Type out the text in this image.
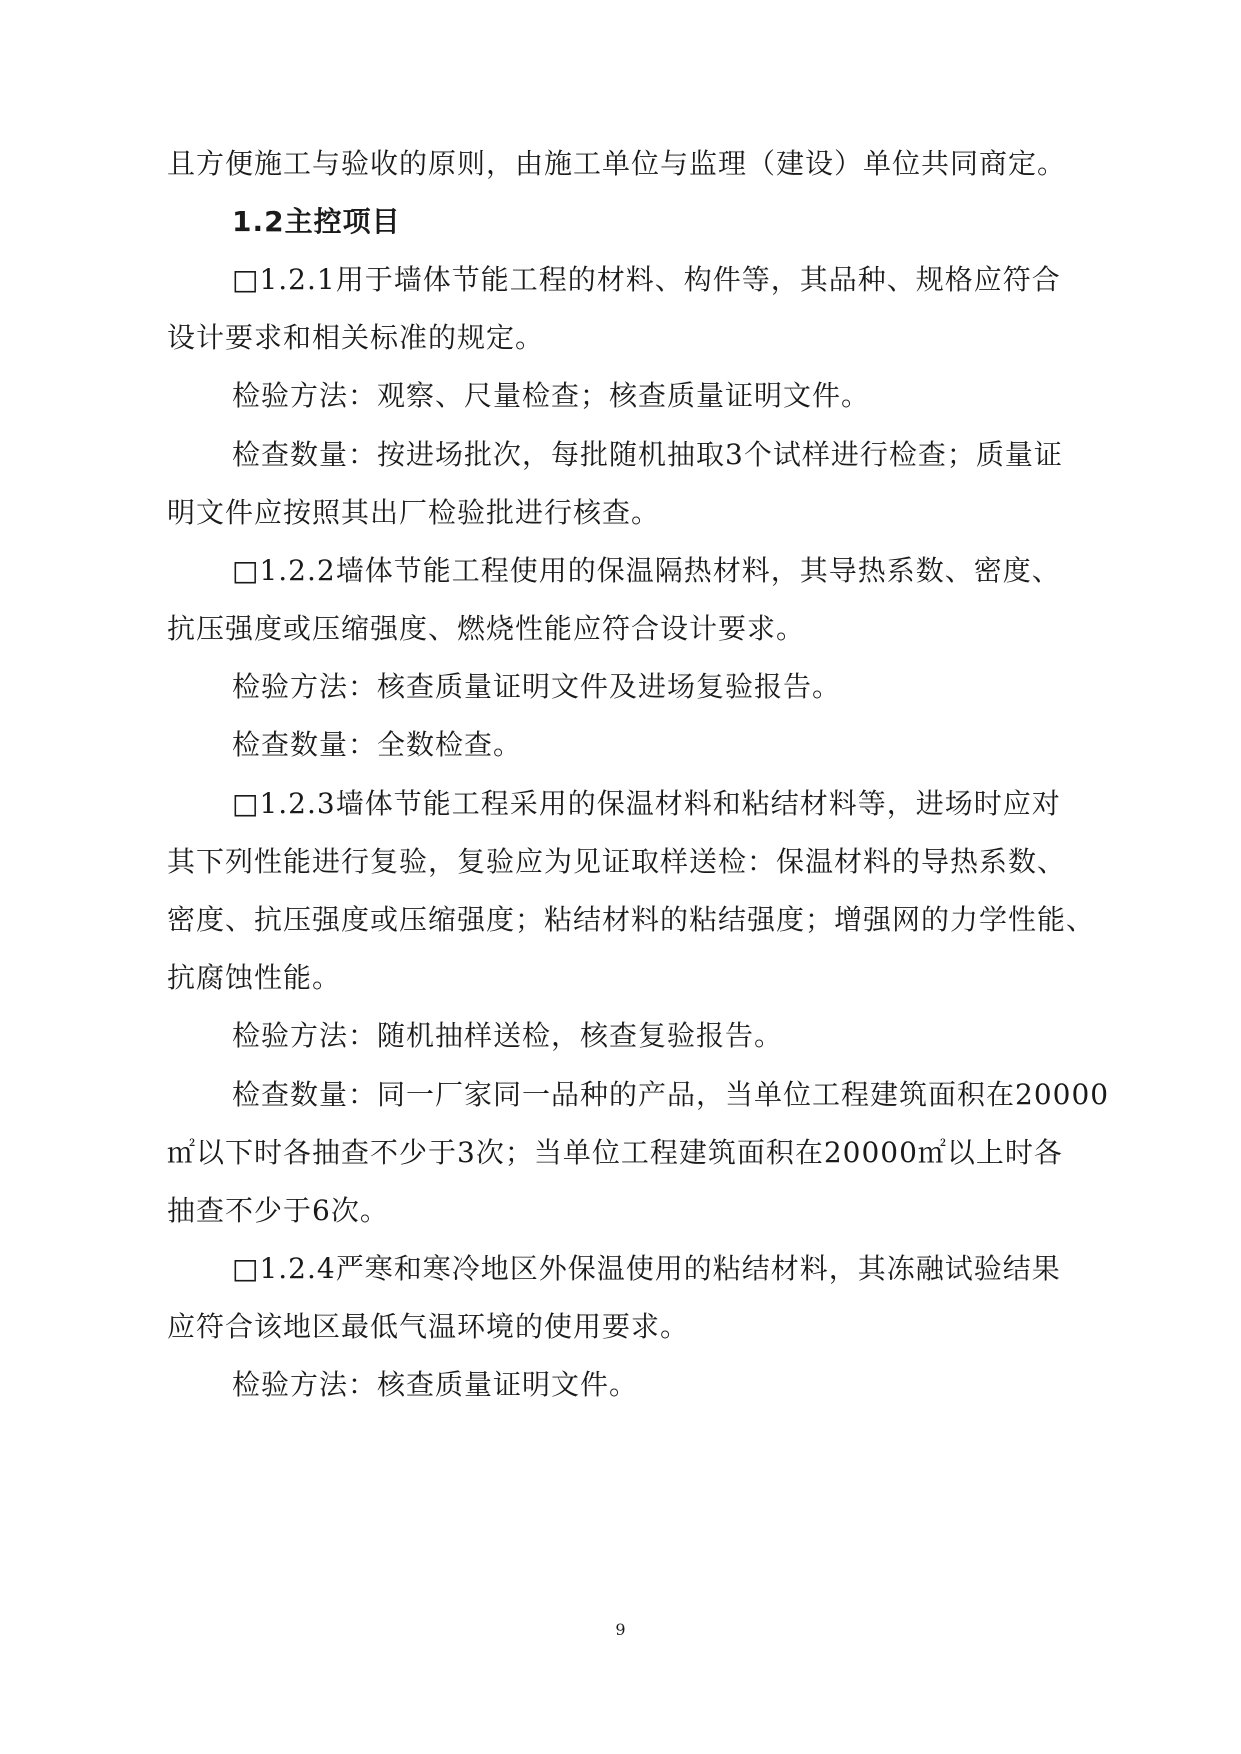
且方便施工与验收的原则，由施工单位与监理（建设）单位共同商定。
1.2主控项目
□1.2.1用于墙体节能工程的材料、构件等，其品种、规格应符合
设计要求和相关标准的规定。
检验方法：观察、尺量检查；核查质量证明文件。
检查数量：按进场批次，每批随机抽取3个试样进行检查；质量证
明文件应按照其出厂检验批进行核查。
□1.2.2墙体节能工程使用的保温隔热材料，其导热系数、密度、
抗压强度或压缩强度、燃烧性能应符合设计要求。
检验方法：核查质量证明文件及进场复验报告。
检查数量：全数检查。
□1.2.3墙体节能工程采用的保温材料和粘结材料等，进场时应对
其下列性能进行复验，复验应为见证取样送检：保温材料的导热系数、
密度、抗压强度或压缩强度；粘结材料的粘结强度；增强网的力学性能、
抗腐蚀性能。
检验方法：随机抽样送检，核查复验报告。
检查数量：同一厂家同一品种的产品，当单位工程建筑面积在20000
㎡以下时各抽查不少于3次；当单位工程建筑面积在20000㎡以上时各
抽查不少于6次。
□1.2.4严寒和寒冷地区外保温使用的粘结材料，其冻融试验结果
应符合该地区最低气温环境的使用要求。
检验方法：核查质量证明文件。
9
